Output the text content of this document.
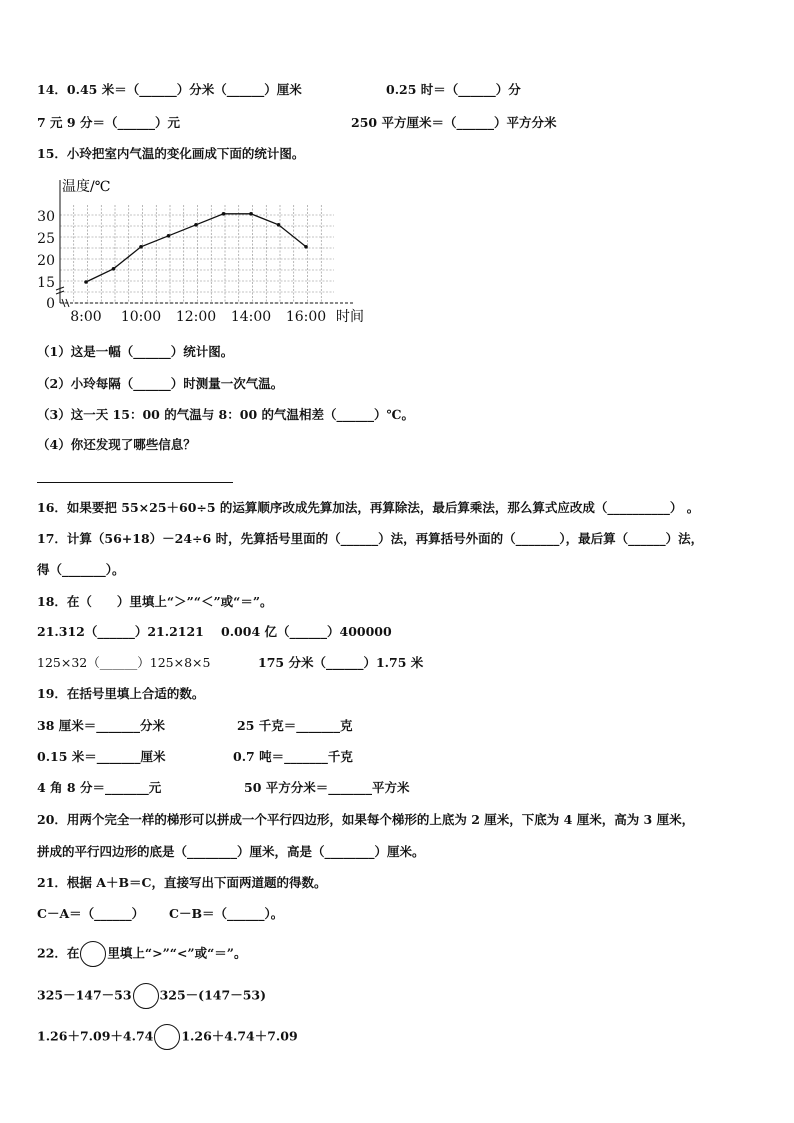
14．0.45 米＝（______）分米（______）厘米	0.25 时＝（______）分
7 元 9 分＝（______）元	250 平方厘米＝（______）平方分米
15．小玲把室内气温的变化画成下面的统计图。
0
15
20
25
30
8:00 10:00 12:00 14:00 16:00
温度/℃
时间
（1）这是一幅（______）统计图。
（2）小玲每隔（______）时测量一次气温。
（3）这一天 15：00 的气温与 8：00 的气温相差（______）℃。
（4）你还发现了哪些信息？
16．如果要把 55×25＋60÷5 的运算顺序改成先算加法，再算除法，最后算乘法，那么算式应改成（__________） 。
17．计算（56+18）－24÷6 时，先算括号里面的（______）法，再算括号外面的（_______），最后算（______）法，
得（_______）。
18．在（　　）里填上“＞”“＜”或“＝”。
21.312（______）21.2121 0.004 亿（______）400000
125×32（______）125×8×5	175 分米（______）1.75 米
19．在括号里填上合适的数。
38 厘米＝_______分米	25 千克＝_______克
0.15 米＝_______厘米	0.7 吨＝_______千克
4 角 8 分＝_______元	50 平方分米＝_______平方米
20．用两个完全一样的梯形可以拼成一个平行四边形，如果每个梯形的上底为 2 厘米，下底为 4 厘米，高为 3 厘米，
拼成的平行四边形的底是（________）厘米，高是（________）厘米。
21．根据 A＋B＝C，直接写出下面两道题的得数。
C－A＝（______） C－B＝（______）。
22．在 里填上“>”“<”或“＝”。
325－147－53 325－(147－53)
1.26＋7.09＋4.74 1.26＋4.74＋7.09
